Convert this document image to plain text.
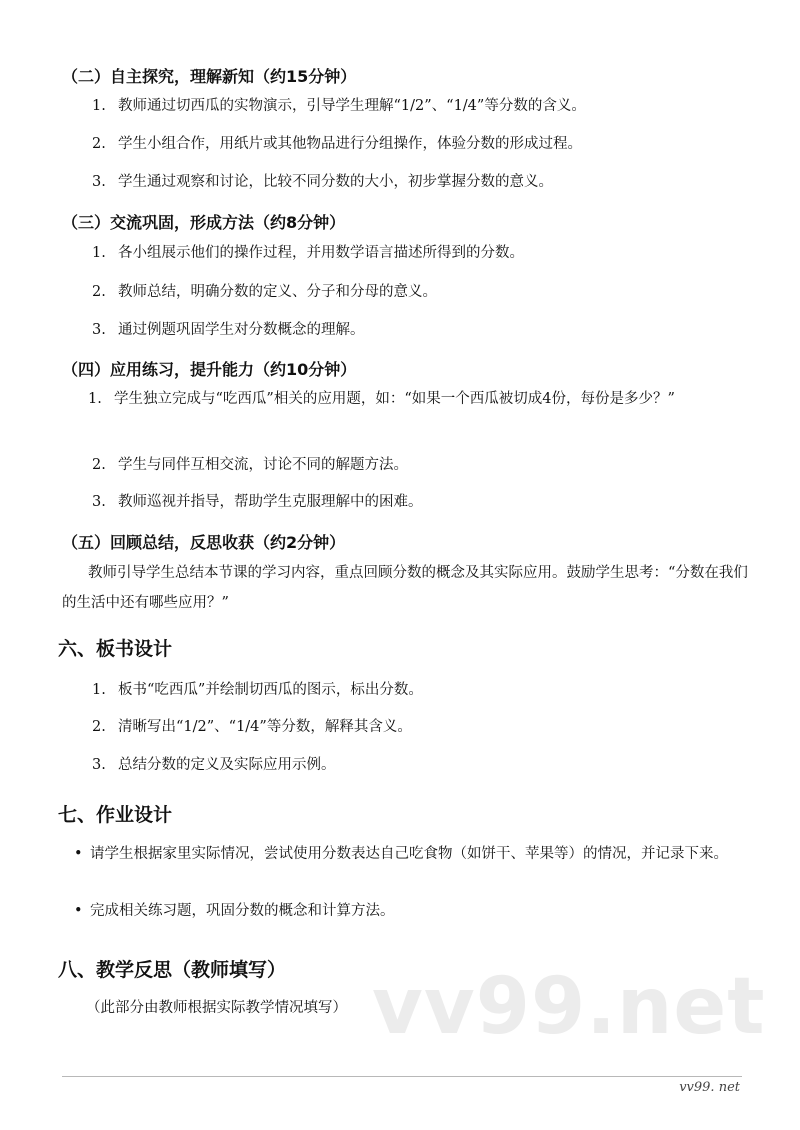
（二）自主探究，理解新知（约15分钟）
1. 教师通过切西瓜的实物演示，引导学生理解“1/2”、“1/4”等分数的含义。
2. 学生小组合作，用纸片或其他物品进行分组操作，体验分数的形成过程。
3. 学生通过观察和讨论，比较不同分数的大小，初步掌握分数的意义。
（三）交流巩固，形成方法（约8分钟）
1. 各小组展示他们的操作过程，并用数学语言描述所得到的分数。
2. 教师总结，明确分数的定义、分子和分母的意义。
3. 通过例题巩固学生对分数概念的理解。
（四）应用练习，提升能力（约10分钟）
1. 学生独立完成与“吃西瓜”相关的应用题，如：“如果一个西瓜被切成4份，每份是多少？”
2. 学生与同伴互相交流，讨论不同的解题方法。
3. 教师巡视并指导，帮助学生克服理解中的困难。
（五）回顾总结，反思收获（约2分钟）

教师引导学生总结本节课的学习内容，重点回顾分数的概念及其实际应用。鼓励学生思考：“分数在我们的生活中还有哪些应用？”

六、板书设计
1. 板书“吃西瓜”并绘制切西瓜的图示，标出分数。
2. 清晰写出“1/2”、“1/4”等分数，解释其含义。
3. 总结分数的定义及实际应用示例。
七、作业设计
• 请学生根据家里实际情况，尝试使用分数表达自己吃食物（如饼干、苹果等）的情况，并记录下来。
• 完成相关练习题，巩固分数的概念和计算方法。
八、教学反思（教师填写）
（此部分由教师根据实际教学情况填写） vv99.net
vv99. net
